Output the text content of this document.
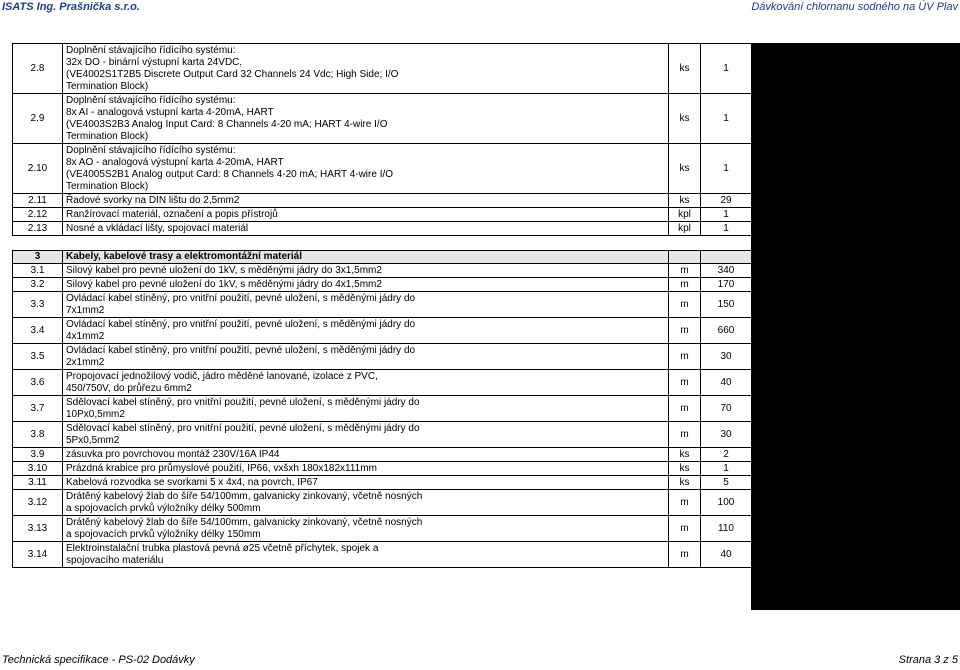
ISATS Ing. Prašnička s.r.o.	Dávkování chlornanu sodného na ÚV Plav
2.8	Doplnění stávajícího řídícího systému:
32x DO - binární výstupní karta 24VDC,
(VE4002S1T2B5 Discrete Output Card 32 Channels 24 Vdc; High Side; I/O
Termination Block)	ks	1
2.9	Doplnění stávajícího řídícího systému:
8x AI - analogová vstupní karta 4-20mA, HART
(VE4003S2B3 Analog Input Card: 8 Channels 4-20 mA; HART 4-wire I/O
Termination Block)	ks	1
2.10	Doplnění stávajícího řídícího systému:
8x AO - analogová výstupní karta 4-20mA, HART
(VE4005S2B1 Analog output Card: 8 Channels 4-20 mA; HART 4-wire I/O
Termination Block)	ks	1
2.11	Řadové svorky na DIN lištu do 2,5mm2	ks	29
2.12	Ranžírovací materiál, označení a popis přístrojů	kpl	1
2.13	Nosné a vkládací lišty, spojovací materiál	kpl	1

3	Kabely, kabelové trasy a elektromontážní materiál		
3.1	Silový kabel pro pevné uložení do 1kV, s měděnými jádry do 3x1,5mm2	m	340
3.2	Silový kabel pro pevné uložení do 1kV, s měděnými jádry do 4x1,5mm2	m	170
3.3	Ovládací kabel stíněný, pro vnitřní použití, pevné uložení, s měděnými jádry do
7x1mm2	m	150
3.4	Ovládací kabel stíněný, pro vnitřní použití, pevné uložení, s měděnými jádry do
4x1mm2	m	660
3.5	Ovládací kabel stíněný, pro vnitřní použití, pevné uložení, s měděnými jádry do
2x1mm2	m	30
3.6	Propojovací jednožilový vodič, jádro měděné lanované, izolace z PVC,
450/750V, do průřezu 6mm2	m	40
3.7	Sdělovací kabel stíněný, pro vnitřní použití, pevné uložení, s měděnými jádry do
10Px0,5mm2	m	70
3.8	Sdělovací kabel stíněný, pro vnitřní použití, pevné uložení, s měděnými jádry do
5Px0,5mm2	m	30
3.9	zásuvka pro povrchovou montáž 230V/16A IP44	ks	2
3.10	Prázdná krabice pro průmyslové použití, IP66, vxšxh 180x182x111mm	ks	1
3.11	Kabelová rozvodka se svorkami 5 x 4x4, na povrch, IP67	ks	5
3.12	Drátěný kabelový žlab do šíře 54/100mm, galvanicky zinkovaný, včetně nosných
a spojovacích prvků výložníky délky 500mm	m	100
3.13	Drátěný kabelový žlab do šíře 54/100mm, galvanicky zinkovaný, včetně nosných
a spojovacích prvků výložníky délky 150mm	m	110
3.14	Elektroinstalační trubka plastová pevná ø25 včetně příchytek, spojek a
spojovacího materiálu	m	40
Technická specifikace - PS-02 Dodávky	Strana 3 z 5
